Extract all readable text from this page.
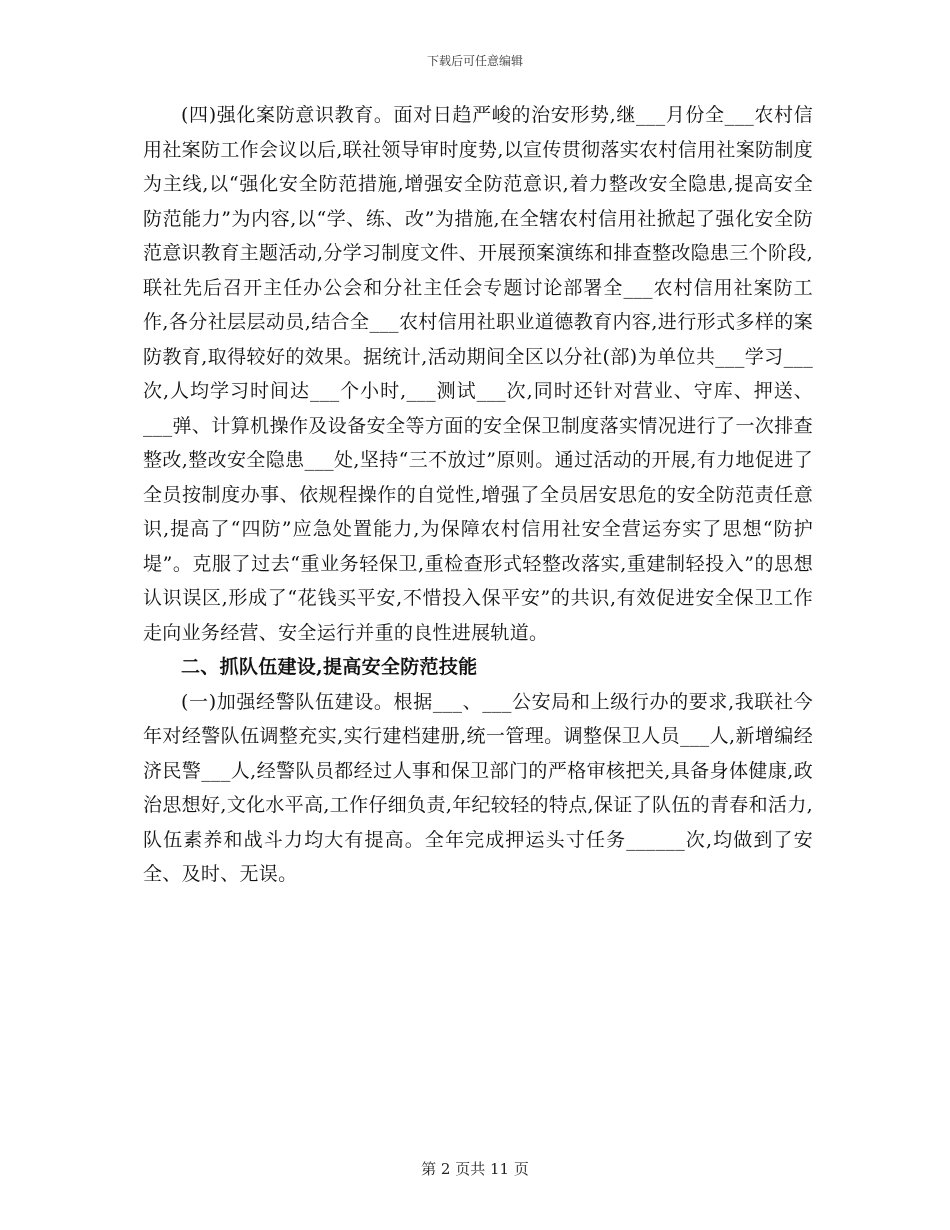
下载后可任意编辑

(四)强化案防意识教育。面对日趋严峻的治安形势,继___月份全___农村信用社案防工作会议以后,联社领导审时度势,以宣传贯彻落实农村信用社案防制度为主线,以“强化安全防范措施,增强安全防范意识,着力整改安全隐患,提高安全防范能力”为内容,以“学、练、改”为措施,在全辖农村信用社掀起了强化安全防范意识教育主题活动,分学习制度文件、开展预案演练和排查整改隐患三个阶段,联社先后召开主任办公会和分社主任会专题讨论部署全___农村信用社案防工作,各分社层层动员,结合全___农村信用社职业道德教育内容,进行形式多样的案防教育,取得较好的效果。据统计,活动期间全区以分社(部)为单位共___学习___次,人均学习时间达___个小时,___测试___次,同时还针对营业、守库、押送、___弹、计算机操作及设备安全等方面的安全保卫制度落实情况进行了一次排查整改,整改安全隐患___处,坚持“三不放过”原则。通过活动的开展,有力地促进了全员按制度办事、依规程操作的自觉性,增强了全员居安思危的安全防范责任意识,提高了“四防”应急处置能力,为保障农村信用社安全营运夯实了思想“防护堤”。克服了过去“重业务轻保卫,重检查形式轻整改落实,重建制轻投入”的思想认识误区,形成了“花钱买平安,不惜投入保平安”的共识,有效促进安全保卫工作走向业务经营、安全运行并重的良性进展轨道。

二、抓队伍建设,提高安全防范技能

(一)加强经警队伍建设。根据___、___公安局和上级行办的要求,我联社今年对经警队伍调整充实,实行建档建册,统一管理。调整保卫人员___人,新增编经济民警___人,经警队员都经过人事和保卫部门的严格审核把关,具备身体健康,政治思想好,文化水平高,工作仔细负责,年纪较轻的特点,保证了队伍的青春和活力,队伍素养和战斗力均大有提高。全年完成押运头寸任务______次,均做到了安全、及时、无误。

第 2 页共 11 页
